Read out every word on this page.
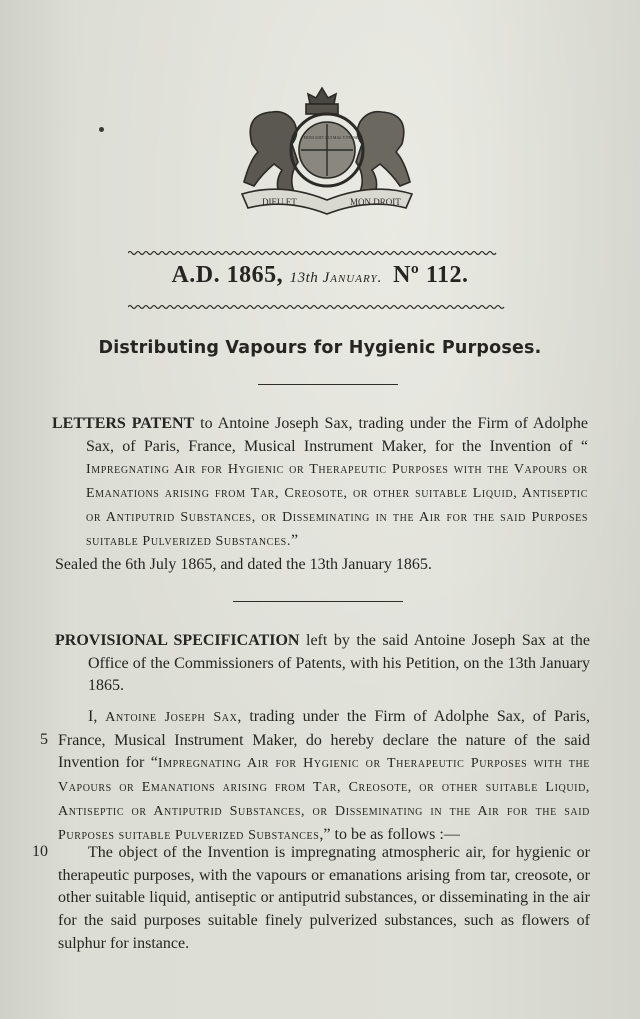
DIEU ET	MON DROIT
HONI SOIT QUI MAL Y PENSE
A.D. 1865, 13th January. Nº 112.
Distributing Vapours for Hygienic Purposes.

LETTERS PATENT to Antoine Joseph Sax, trading under the Firm of Adolphe Sax, of Paris, France, Musical Instrument Maker, for the Invention of “ Impregnating Air for Hygienic or Therapeutic Purposes with the Vapours or Emanations arising from Tar, Creosote, or other suitable Liquid, Antiseptic or Antiputrid Substances, or Disseminating in the Air for the said Purposes suitable Pulverized Substances.”

Sealed the 6th July 1865, and dated the 13th January 1865.

PROVISIONAL SPECIFICATION left by the said Antoine Joseph Sax at the Office of the Commissioners of Patents, with his Petition, on the 13th January 1865.

I, Antoine Joseph Sax, trading under the Firm of Adolphe Sax, of Paris, France, Musical Instrument Maker, do hereby declare the nature of the said Invention for “Impregnating Air for Hygienic or Therapeutic Purposes with the Vapours or Emanations arising from Tar, Creosote, or other suitable Liquid, Antiseptic or Antiputrid Substances, or Disseminating in the Air for the said Purposes suitable Pulverized Substances,” to be as follows :—

The object of the Invention is impregnating atmospheric air, for hygienic or therapeutic purposes, with the vapours or emanations arising from tar, creosote, or other suitable liquid, antiseptic or antiputrid substances, or disseminating in the air for the said purposes suitable finely pulverized substances, such as flowers of sulphur for instance.

5
10
